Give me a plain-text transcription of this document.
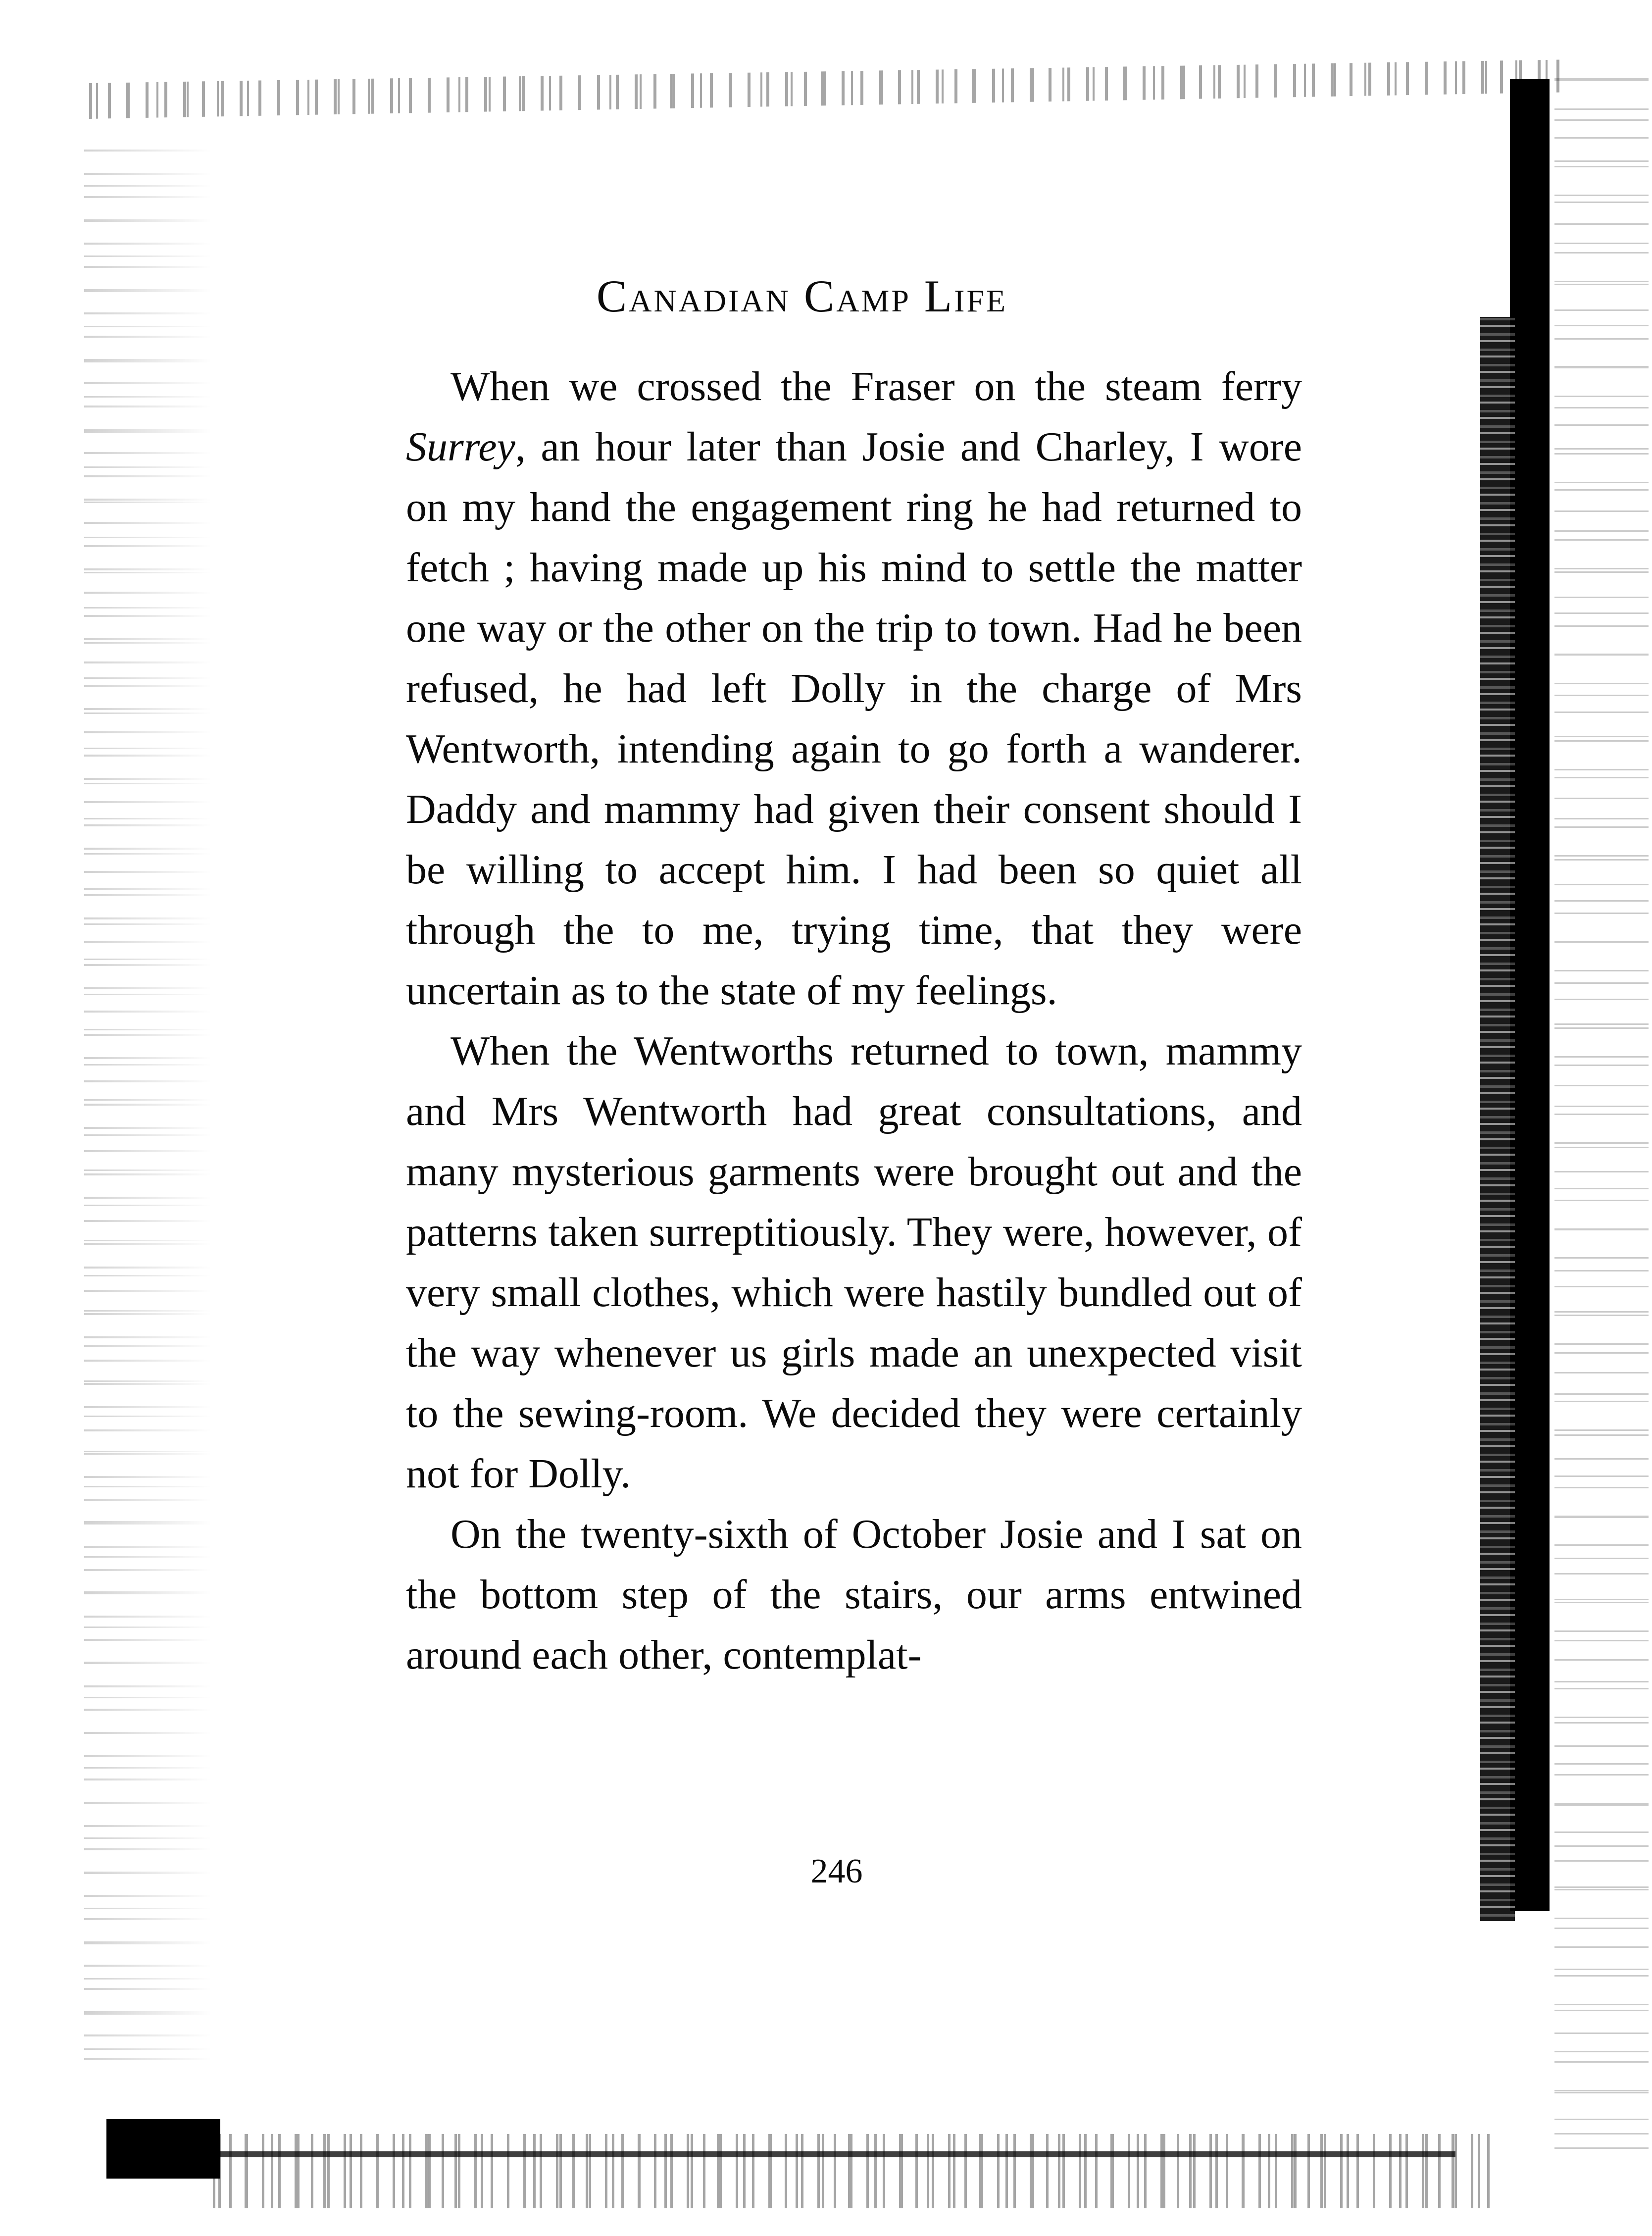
Canadian Camp Life

When we crossed the Fraser on the steam ferry Surrey, an hour later than Josie and Charley, I wore on my hand the engagement ring he had returned to fetch ; having made up his mind to settle the matter one way or the other on the trip to town. Had he been refused, he had left Dolly in the charge of Mrs Wentworth, intending again to go forth a wanderer. Daddy and mammy had given their consent should I be willing to accept him. I had been so quiet all through the to me, trying time, that they were uncertain as to the state of my feelings.

When the Wentworths returned to town, mammy and Mrs Wentworth had great consultations, and many mysterious garments were brought out and the patterns taken surreptitiously. They were, however, of very small clothes, which were hastily bundled out of the way whenever us girls made an unexpected visit to the sewing-room. We decided they were certainly not for Dolly.

On the twenty-sixth of October Josie and I sat on the bottom step of the stairs, our arms entwined around each other, contemplat-

246
